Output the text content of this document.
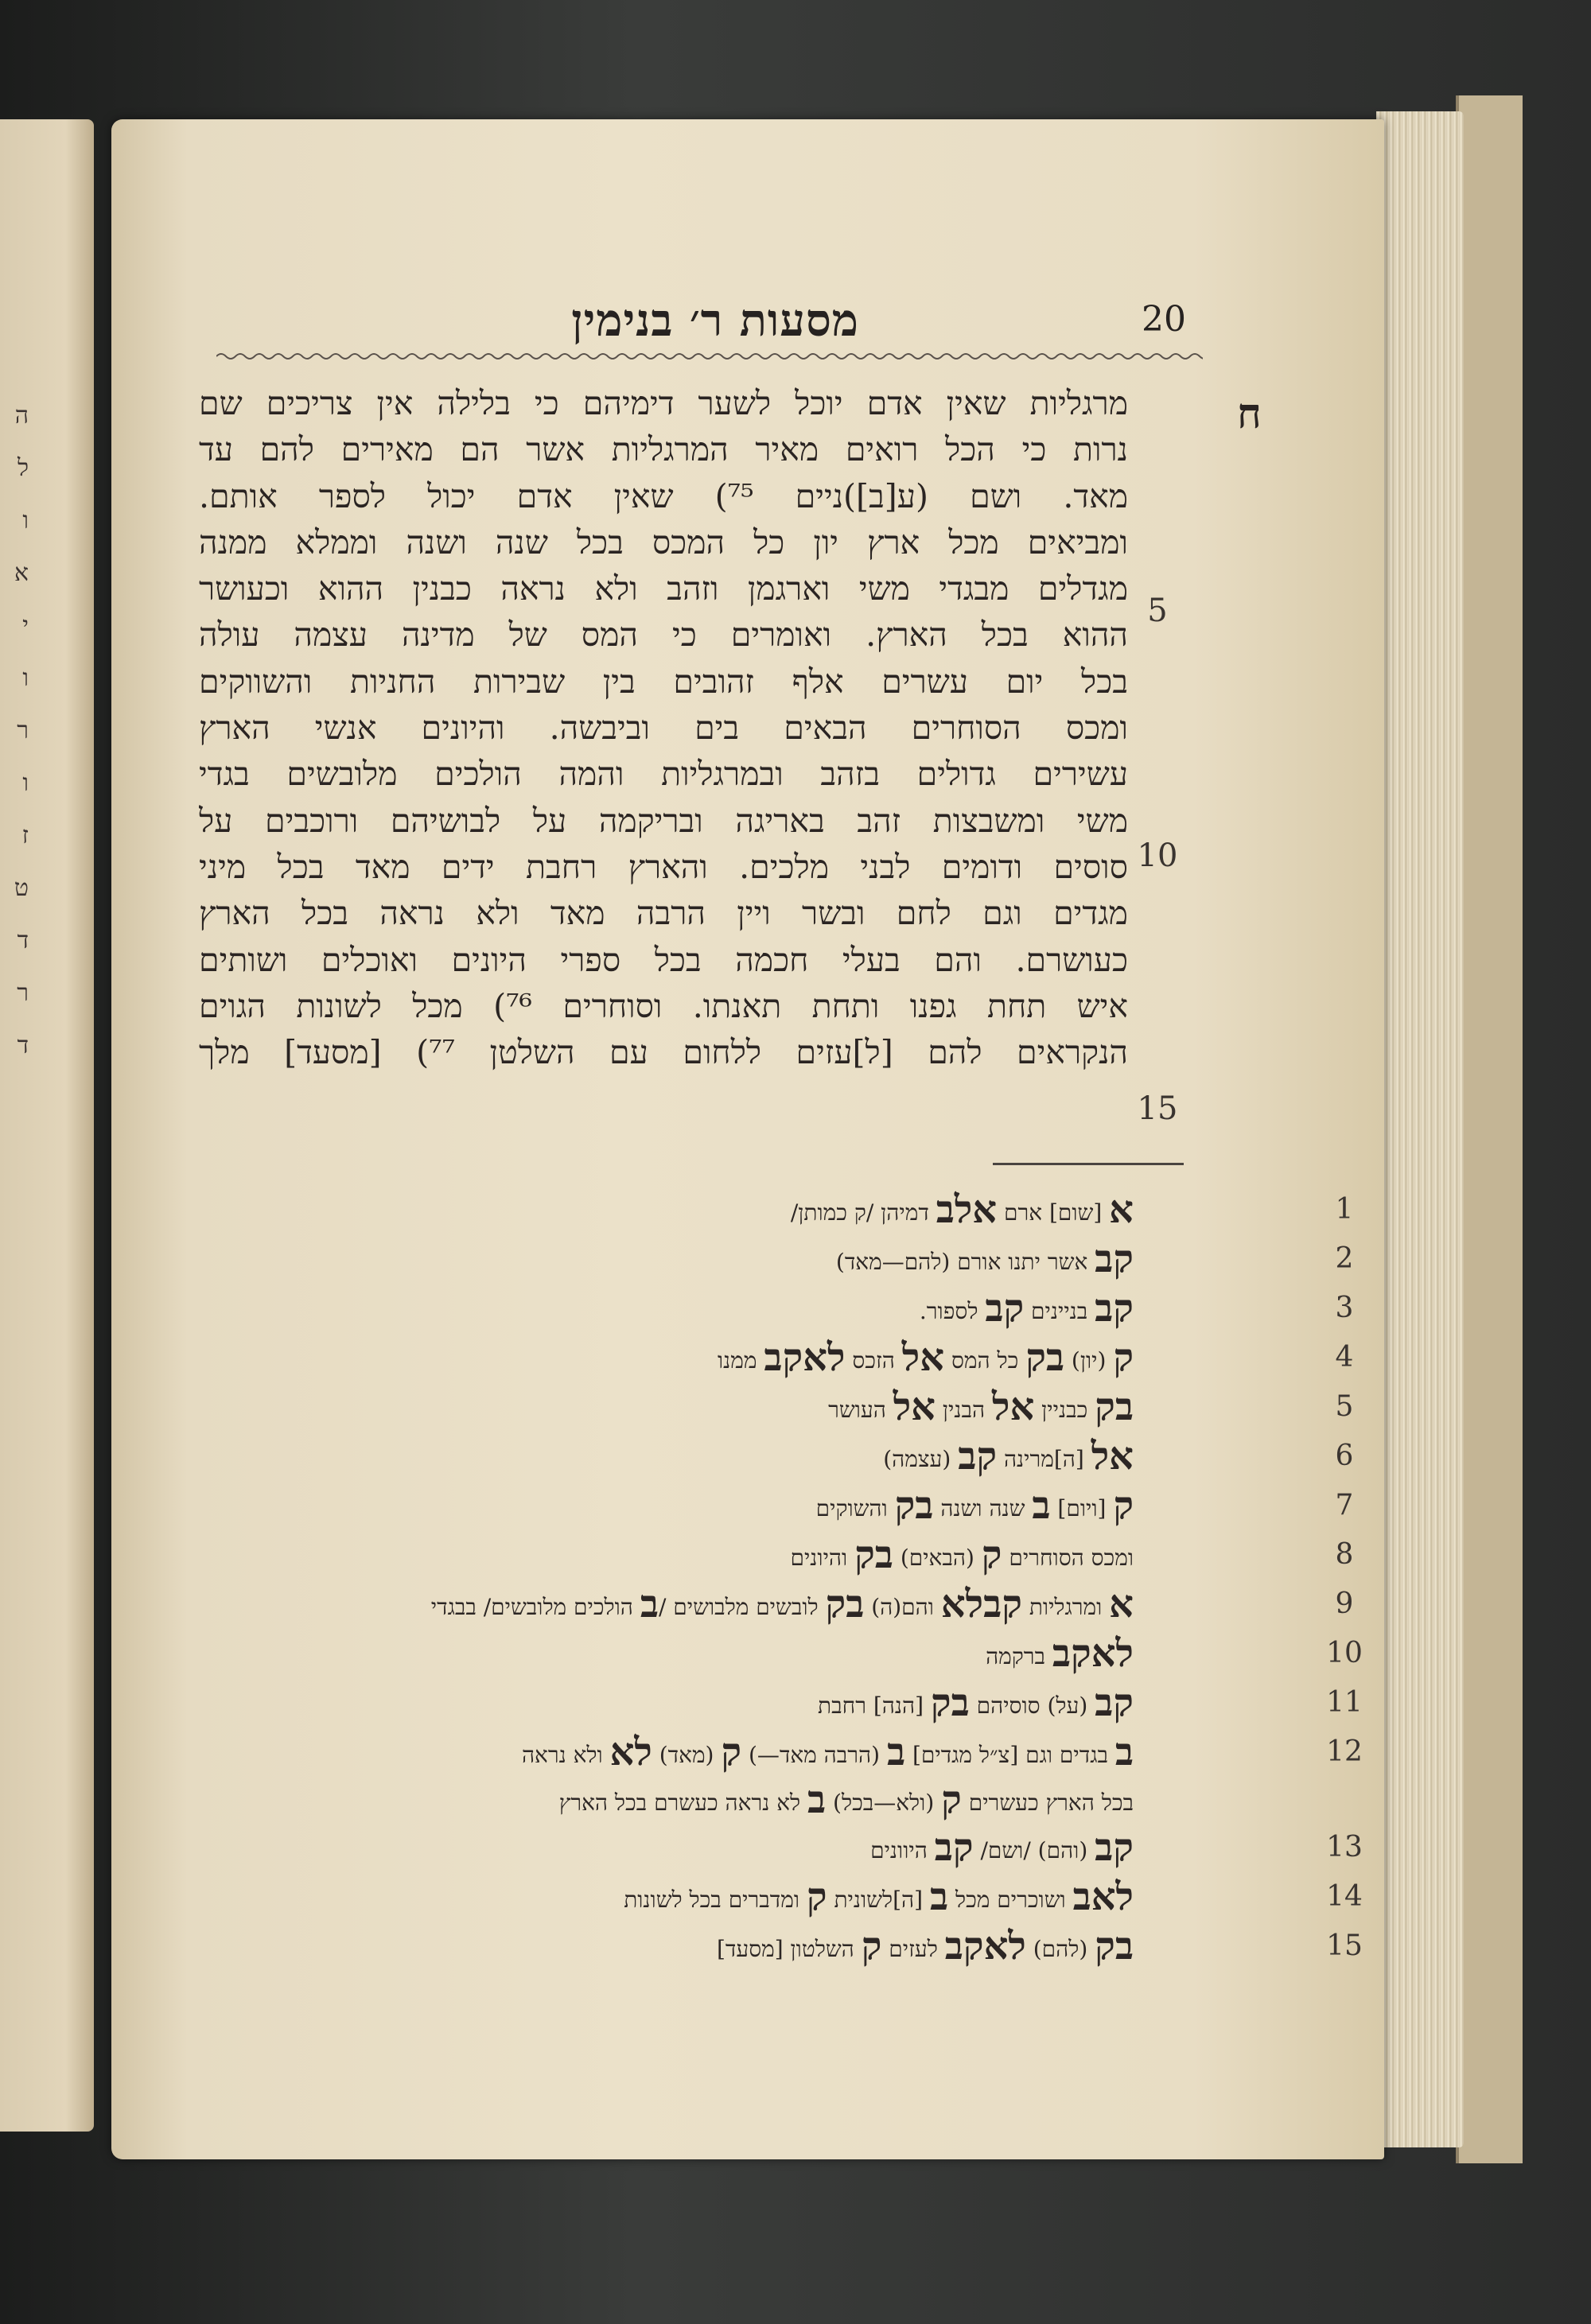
ה
ל
ו
א
י
ו
ר
ו
ז
ט
ד
ר
ד
מסעות ר׳ בנימין	20
ח
מרגליות שאין אדם יוכל לשער דימיהם כי בלילה אין צריכים שם
נרות כי הכל רואים מאיר המרגליות אשר הם מאירים להם עד
מאד. ושם (ע[ב])ניים ⁷⁵) שאין אדם יכול לספר אותם.
ומביאים מכל ארץ יון כל המכס בכל שנה ושנה וממלא ממנה
מגדלים מבגדי משי וארגמן וזהב ולא נראה כבנין ההוא וכעושר
ההוא בכל הארץ. ואומרים כי המס של מדינה עצמה עולה
בכל יום עשרים אלף זהובים בין שבירות החניות והשווקים
ומכס הסוחרים הבאים בים וביבשה. והיונים אנשי הארץ
עשירים גדולים בזהב ובמרגליות והמה הולכים מלובשים בגדי
משי ומשבצות זהב באריגה ובריקמה על לבושיהם ורוכבים על
סוסים ודומים לבני מלכים. והארץ רחבת ידים מאד בכל מיני
מגדים וגם לחם ובשר ויין הרבה מאד ולא נראה בכל הארץ
כעושרם. והם בעלי חכמה בכל ספרי היונים ואוכלים ושותים
איש תחת גפנו ותחת תאנתו. וסוחרים ⁷⁶) מכל לשונות הגוים
הנקראים להם [ל]עזים ללחום עם השלטן ⁷⁷) [מסעד] מלך
5
10
15
א [שום] ארם אלב דמיהן /ק כמותן/	1
קב אשר יתנו אורם (להם—מאד)	2
קב בניינים קב לספור.	3
ק (יון) בק כל המס אל הזכס לאקב ממנו	4
בק כבניין אל הבנין אל העושר	5
אל [ה]מרינה קב (עצמה)	6
ק [ויום] ב שנה ושנה בק והשוקים	7
ומכס הסוחרים ק (הבאים) בק והיונים	8
א ומרגליות קבלא והם(ה) בק לובשים מלבושים /ב הולכים מלובשים/ בבגדי	9
לאקב ברקמה	10
קב (על) סוסיהם בק [הנה] רחבת	11
ב בגדים וגם [צ״ל מגדים] ב (הרבה מאד—) ק (מאד) לא ולא נראה	12
בכל הארץ כעשרים ק (ולא—בכל) ב לא נראה כעשרם בכל הארץ
קב (והם) /ושם/ קב היוונים	13
לאב ושוכרים מכל ב [ה]לשונית ק ומדברים בכל לשונות	14
בק (להם) לאקב לעזים ק השלטון [מסעד]	15
